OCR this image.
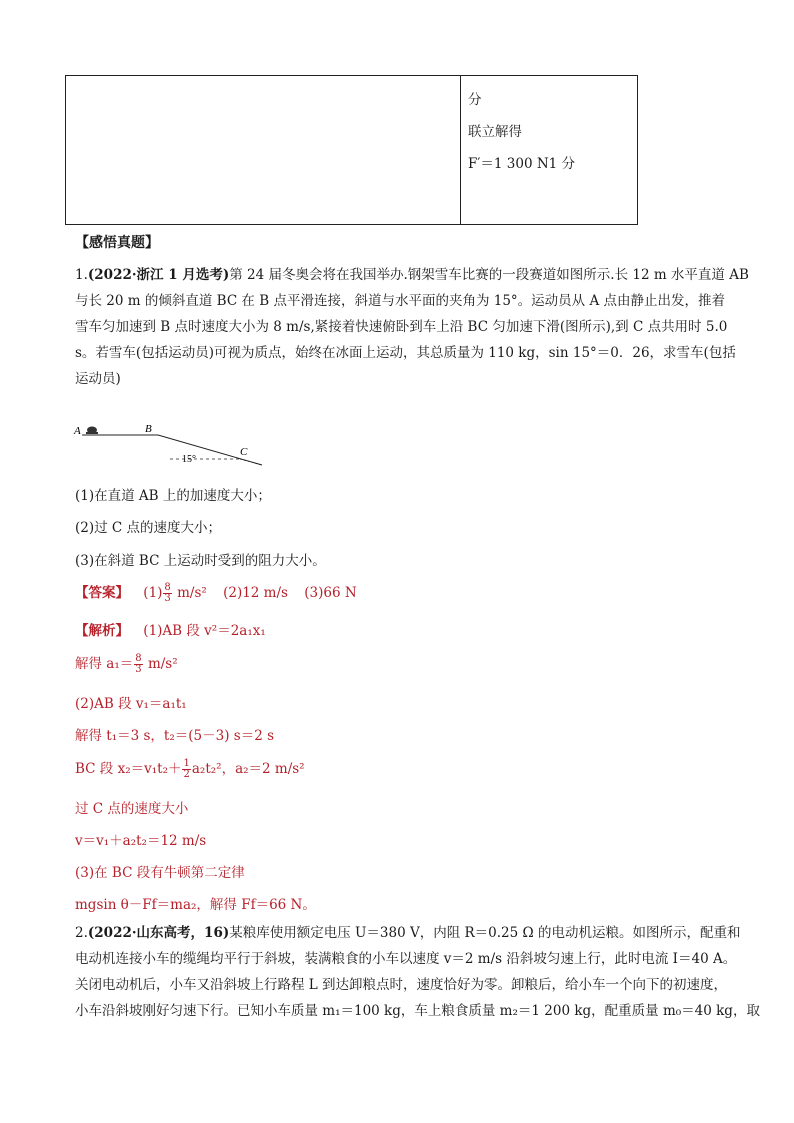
分
联立解得
F′＝1 300 N1 分
【感悟真题】
1.(2022·浙江 1 月选考)第 24 届冬奥会将在我国举办.钢架雪车比赛的一段赛道如图所示.长 12 m 水平直道 AB
与长 20 m 的倾斜直道 BC 在 B 点平滑连接，斜道与水平面的夹角为 15°。运动员从 A 点由静止出发，推着
雪车匀加速到 B 点时速度大小为 8 m/s,紧接着快速俯卧到车上沿 BC 匀加速下滑(图所示),到 C 点共用时 5.0
s。若雪车(包括运动员)可视为质点，始终在冰面上运动，其总质量为 110 kg，sin 15°＝0．26，求雪车(包括
运动员)
A	B
C
15°
(1)在直道 AB 上的加速度大小；
(2)过 C 点的速度大小；
(3)在斜道 BC 上运动时受到的阻力大小。
【答案】 $(1) \frac{8}{3} m/s^2$ (2)12 m/s (3)66 N
【解析】 (1)AB 段 v²＝2a₁x₁
解得 $a_1= \frac{8}{3} m/s^2$
(2)AB 段 v₁＝a₁t₁
解得 t₁＝3 s，t₂＝(5－3) s＝2 s
BC 段 $x_2=v_1t_2+ \frac{1}{2} a_2t_2^2$，a₂＝2 m/s²
过 C 点的速度大小
v＝v₁＋a₂t₂＝12 m/s
(3)在 BC 段有牛顿第二定律
mgsin θ－Ff＝ma₂，解得 Ff＝66 N。
2.(2022·山东高考，16)某粮库使用额定电压 U＝380 V，内阻 R＝0.25 Ω 的电动机运粮。如图所示，配重和
电动机连接小车的缆绳均平行于斜坡，装满粮食的小车以速度 v＝2 m/s 沿斜坡匀速上行，此时电流 I＝40 A。
关闭电动机后，小车又沿斜坡上行路程 L 到达卸粮点时，速度恰好为零。卸粮后，给小车一个向下的初速度，
小车沿斜坡刚好匀速下行。已知小车质量 m₁＝100 kg，车上粮食质量 m₂＝1 200 kg，配重质量 m₀＝40 kg，取
